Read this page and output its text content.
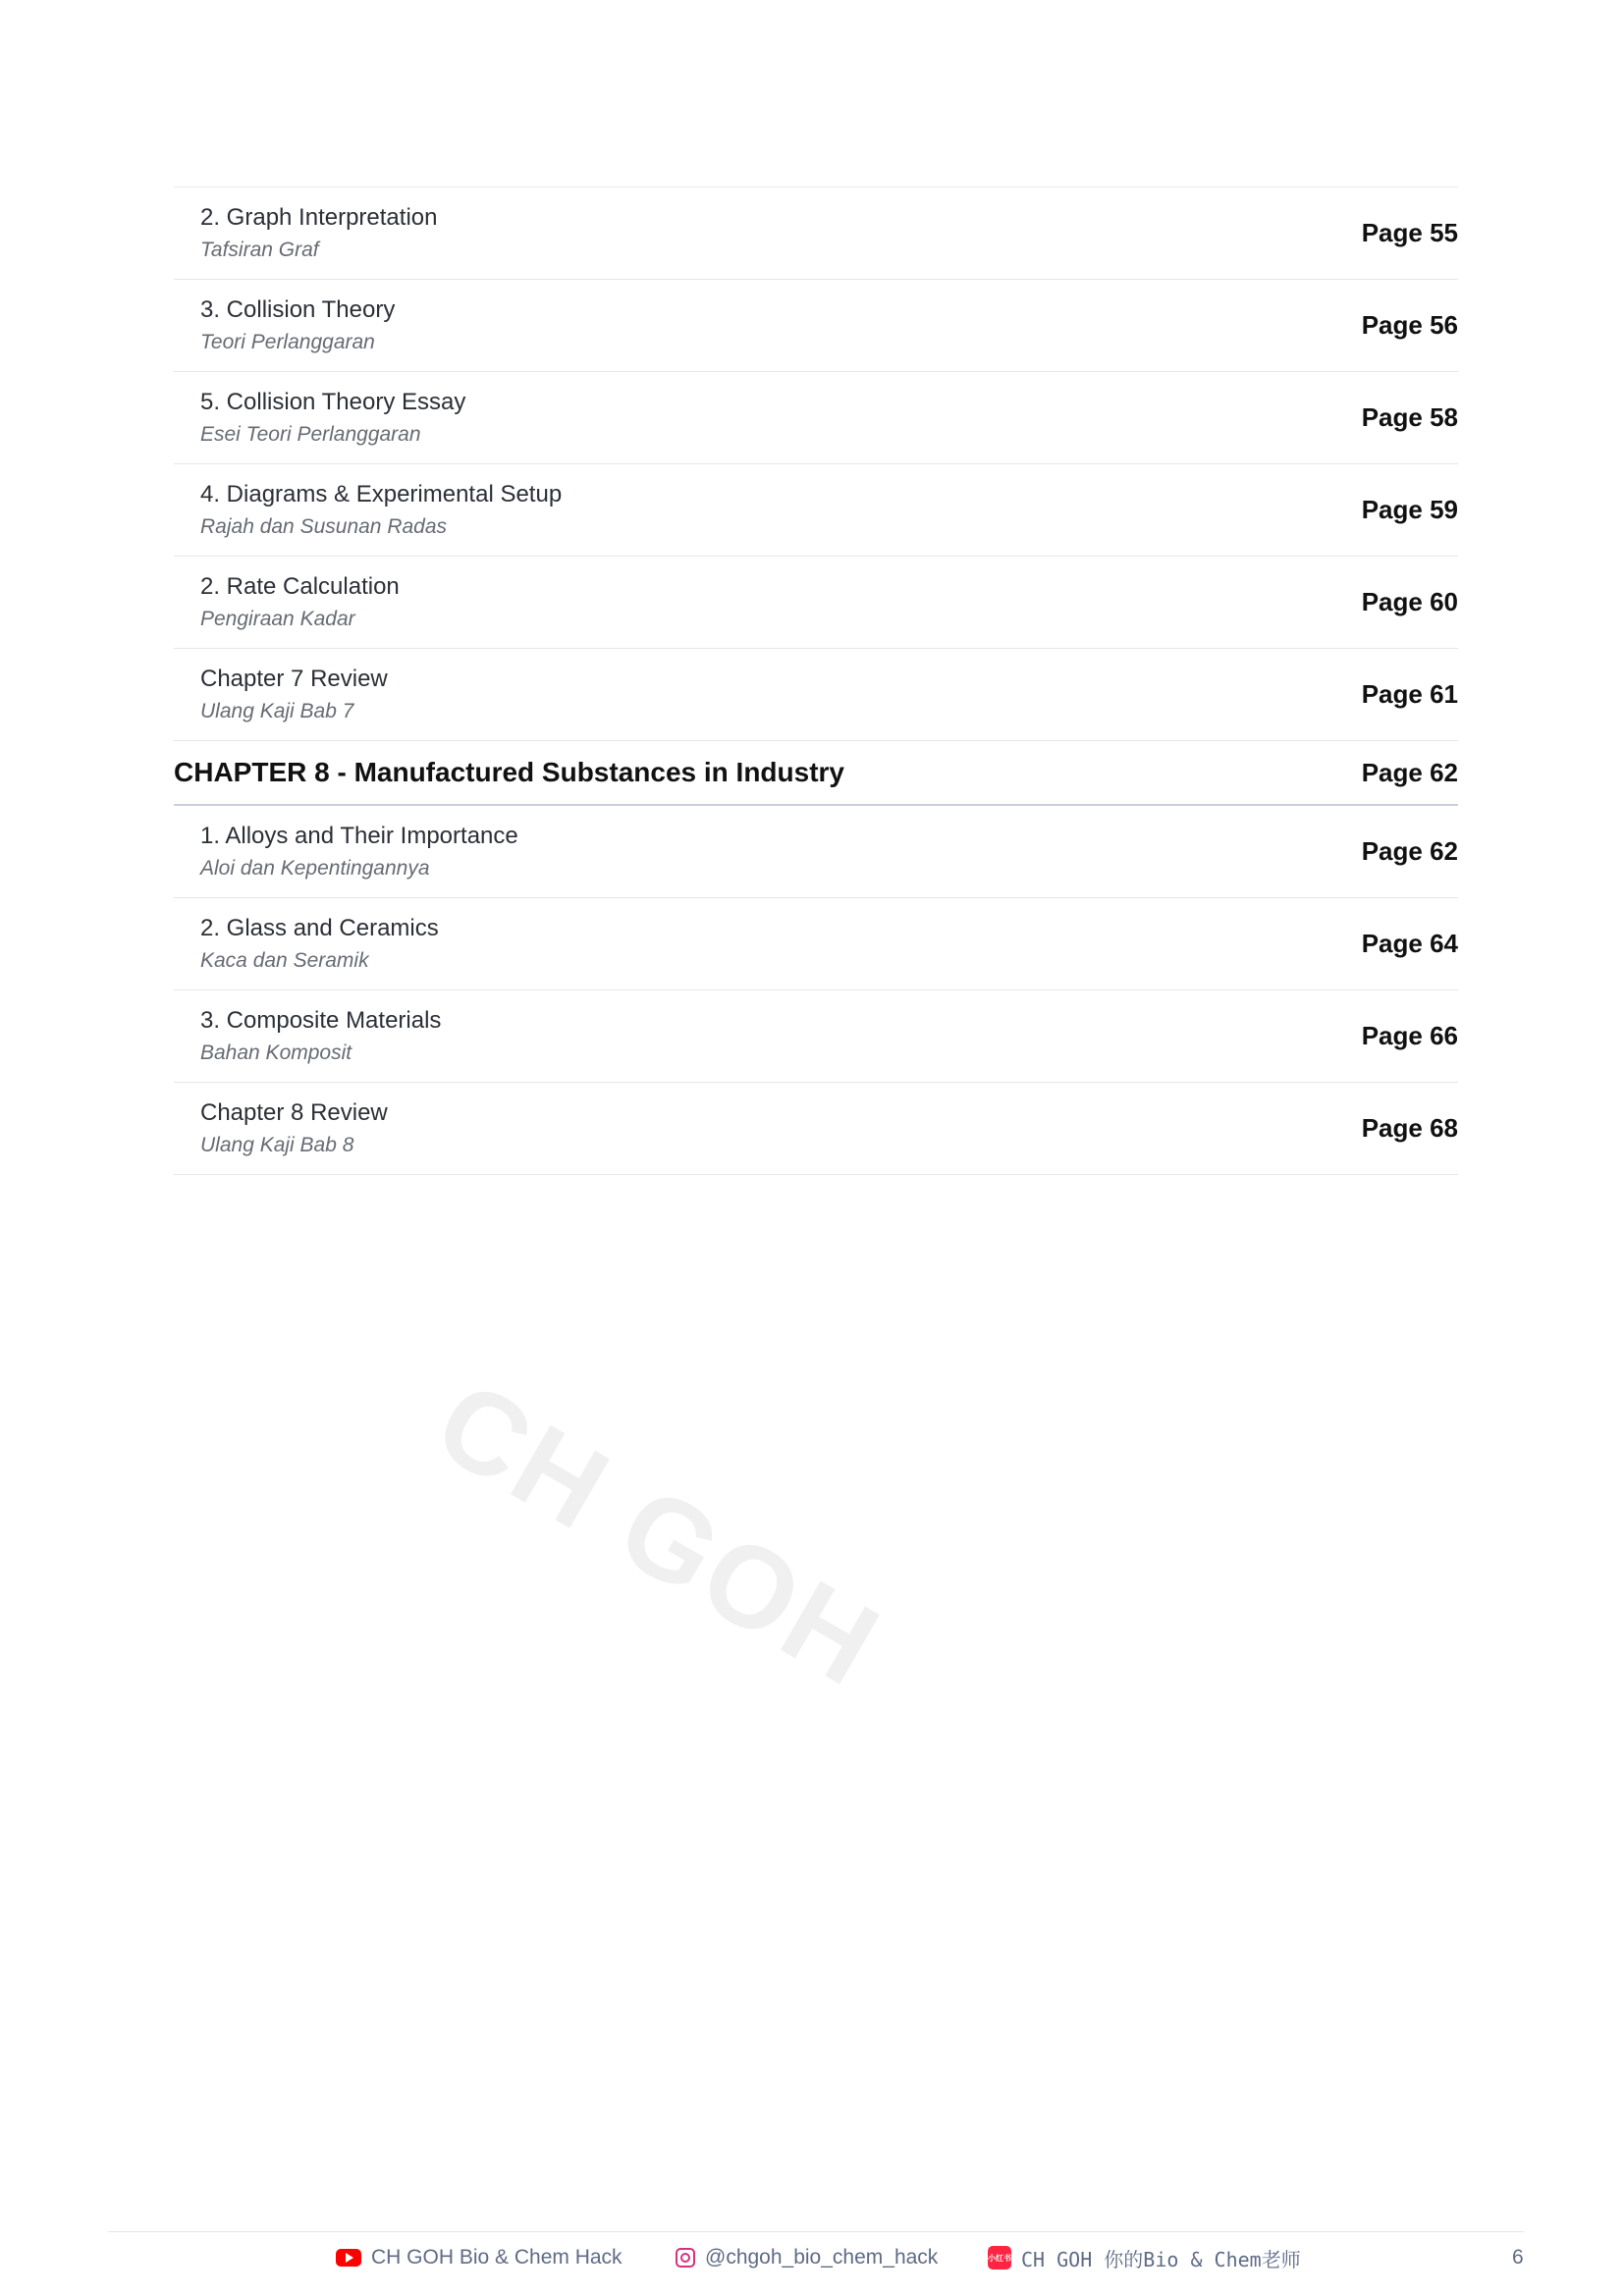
CH GOH
2. Graph Interpretation
Tafsiran Graf
Page 55
3. Collision Theory
Teori Perlanggaran
Page 56
5. Collision Theory Essay
Esei Teori Perlanggaran
Page 58
4. Diagrams & Experimental Setup
Rajah dan Susunan Radas
Page 59
2. Rate Calculation
Pengiraan Kadar
Page 60
Chapter 7 Review
Ulang Kaji Bab 7
Page 61
CHAPTER 8 - Manufactured Substances in Industry	Page 62
1. Alloys and Their Importance
Aloi dan Kepentingannya
Page 62
2. Glass and Ceramics
Kaca dan Seramik
Page 64
3. Composite Materials
Bahan Komposit
Page 66
Chapter 8 Review
Ulang Kaji Bab 8
Page 68
CH GOH Bio & Chem Hack	@chgoh_bio_chem_hack	小红书 CH GOH 你的Bio & Chem老师	6
